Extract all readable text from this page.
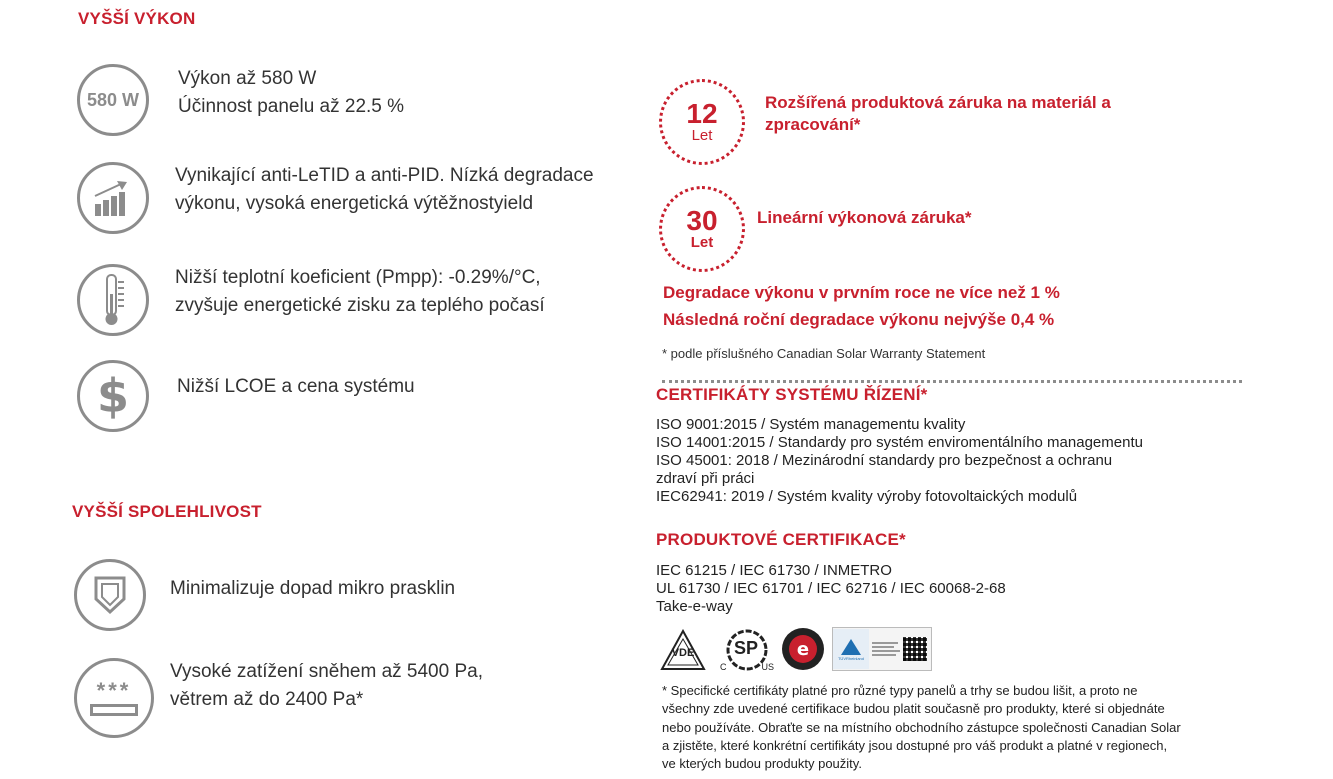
VYŠŠÍ VÝKON
580 W
Výkon až 580 W
Účinnost panelu až 22.5 %
Vynikající anti-LeTID a anti-PID. Nízká degradace
výkonu, vysoká energetická výtěžnostyield
Nižší teplotní koeficient (Pmpp): -0.29%/°C,
zvyšuje energetické zisku za teplého počasí
$	Nižší LCOE a cena systému
VYŠŠÍ SPOLEHLIVOST
Minimalizuje dopad mikro prasklin
***
Vysoké zatížení sněhem až 5400 Pa,
větrem až do 2400 Pa*
12
Let
Rozšířená produktová záruka na materiál a
zpracování*
30
Let
Lineární výkonová záruka*
Degradace výkonu v prvním roce ne více než 1 %
Následná roční degradace výkonu nejvýše 0,4 %
* podle příslušného Canadian Solar Warranty Statement
CERTIFIKÁTY SYSTÉMU ŘÍZENÍ*
ISO 9001:2015 / Systém managementu kvality
ISO 14001:2015 / Standardy pro systém enviromentálního managementu
ISO 45001: 2018 / Mezinárodní standardy pro bezpečnost a ochranu
zdraví při práci
IEC62941: 2019 / Systém kvality výroby fotovoltaických modulů
PRODUKTOVÉ CERTIFIKACE*
IEC 61215 / IEC 61730 / INMETRO
UL 61730 / IEC 61701 / IEC 62716 / IEC 60068-2-68
Take-e-way
VDE SP
C	US
e	TÜVRheinland
* Specifické certifikáty platné pro různé typy panelů a trhy se budou lišit, a proto ne
všechny zde uvedené certifikace budou platit současně pro produkty, které si objednáte
nebo používáte. Obraťte se na místního obchodního zástupce společnosti Canadian Solar
a zjistěte, které konkrétní certifikáty jsou dostupné pro váš produkt a platné v regionech,
ve kterých budou produkty použity.
